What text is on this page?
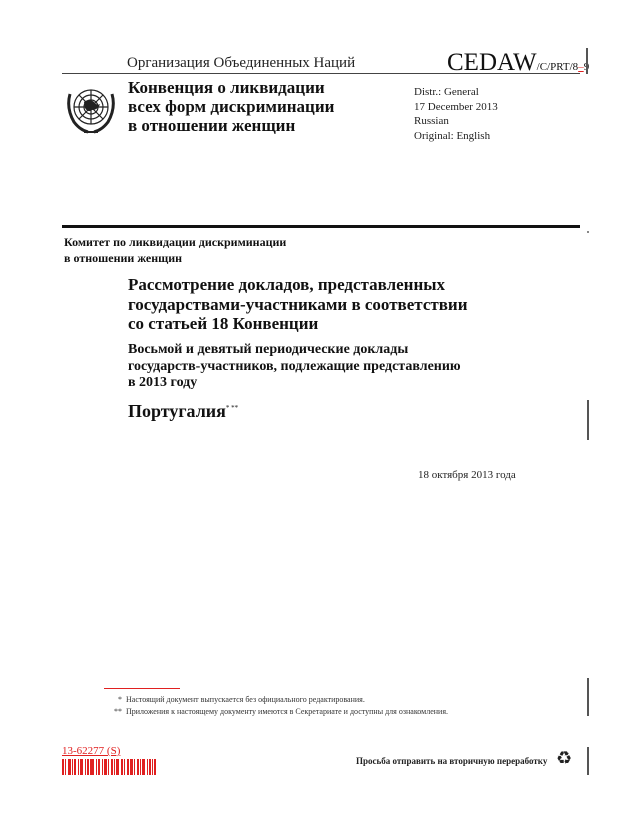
Организация Объединенных Наций	CEDAW/C/PRT/8–9
Конвенция о ликвидации
всех форм дискриминации
в отношении женщин
Distr.: General
17 December 2013
Russian
Original: English
Комитет по ликвидации дискриминации
в отношении женщин
Рассмотрение докладов, представленных
государствами-участниками в соответствии
со статьей 18 Конвенции
Восьмой и девятый периодические доклады
государств-участников, подлежащие представлению
в 2013 году
Португалия* **
18 октября 2013 года
* Настоящий документ выпускается без официального редактирования.
** Приложения к настоящему документу имеются в Секретариате и доступны для ознакомления.
13-62277 (S)
Просьба отправить на вторичную переработку ♻
